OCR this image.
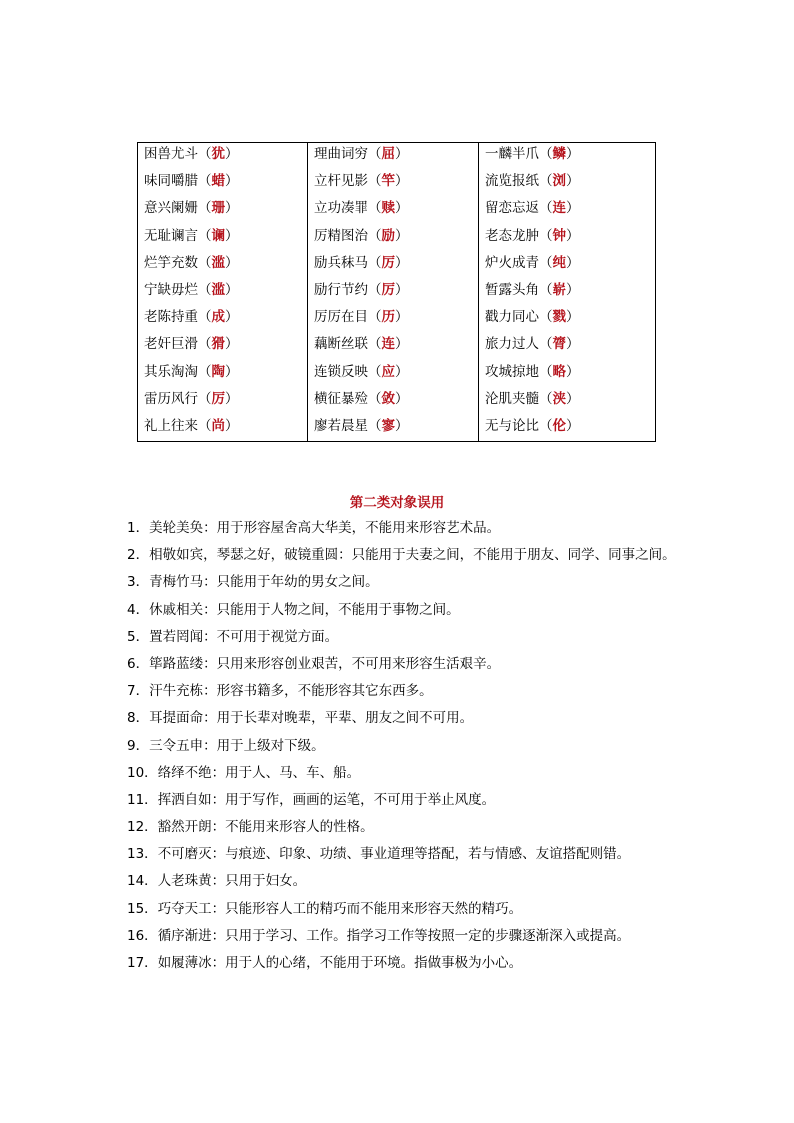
困兽尤斗（犹）
味同嚼腊（蜡）
意兴阑姗（珊）
无耻谰言（谰）
烂竽充数（滥）
宁缺毋烂（滥）
老陈持重（成）
老奸巨滑（猾）
其乐淘淘（陶）
雷历风行（厉）
礼上往来（尚）
理曲词穷（屈）
立杆见影（竿）
立功凑罪（赎）
厉精图治（励）
励兵秣马（厉）
励行节约（厉）
厉厉在目（历）
藕断丝联（连）
连锁反映（应）
横征暴殓（敛）
廖若晨星（寥）
一麟半爪（鳞）
流览报纸（浏）
留恋忘返（连）
老态龙肿（钟）
炉火成青（纯）
暂露头角（崭）
戳力同心（戮）
旅力过人（膂）
攻城掠地（略）
沦肌夹髓（浃）
无与论比（伦）
第二类对象误用
1．美轮美奂：用于形容屋舍高大华美，不能用来形容艺术品。
2．相敬如宾，琴瑟之好，破镜重圆：只能用于夫妻之间，不能用于朋友、同学、同事之间。
3．青梅竹马：只能用于年幼的男女之间。
4．休戚相关：只能用于人物之间，不能用于事物之间。
5．置若罔闻：不可用于视觉方面。
6．筚路蓝缕：只用来形容创业艰苦，不可用来形容生活艰辛。
7．汗牛充栋：形容书籍多，不能形容其它东西多。
8．耳提面命：用于长辈对晚辈，平辈、朋友之间不可用。
9．三令五申：用于上级对下级。
10．络绎不绝：用于人、马、车、船。
11．挥洒自如：用于写作，画画的运笔，不可用于举止风度。
12．豁然开朗：不能用来形容人的性格。
13．不可磨灭：与痕迹、印象、功绩、事业道理等搭配，若与情感、友谊搭配则错。
14．人老珠黄：只用于妇女。
15．巧夺天工：只能形容人工的精巧而不能用来形容天然的精巧。
16．循序渐进：只用于学习、工作。指学习工作等按照一定的步骤逐渐深入或提高。
17．如履薄冰：用于人的心绪，不能用于环境。指做事极为小心。
